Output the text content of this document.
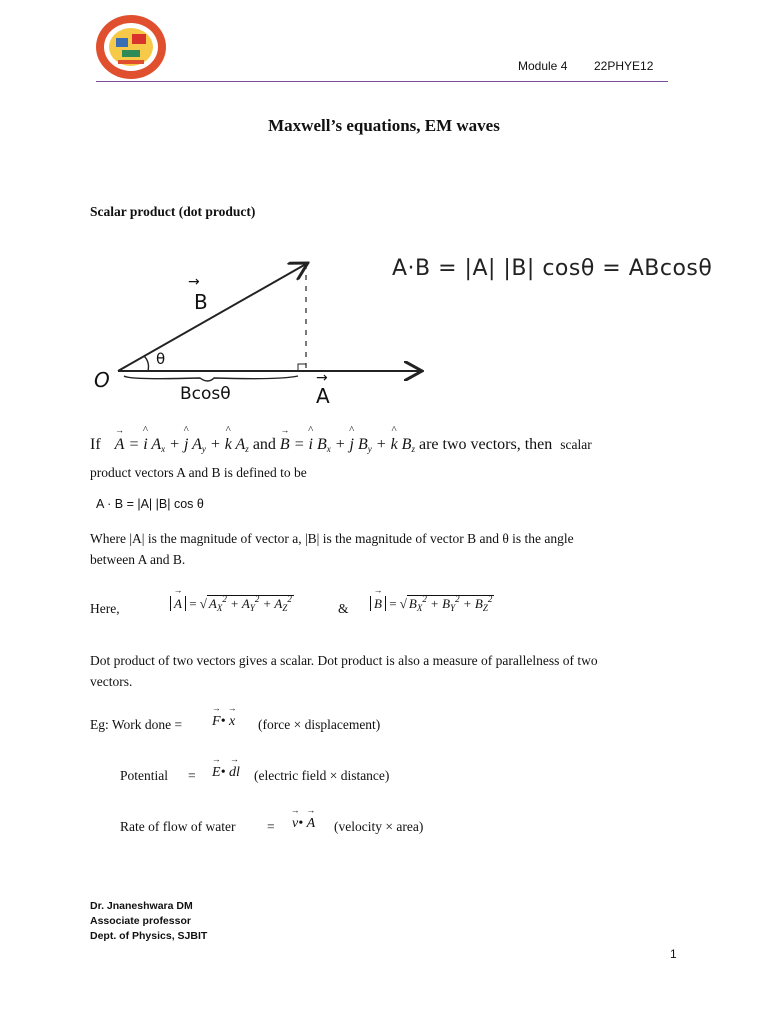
Module 4 22PHYE12
Maxwell’s equations, EM waves
Scalar product (dot product)
A·B = |A| |B| cosθ = ABcosθ
O
θ
B
→
A
→
Bcosθ
If → A = ^ i $A_x$ + ^ j $A_y$ + ^ k $A_z$ and → B = ^ i $B_x$ + ^ j $B_y$ + ^ k $B_z$ are two vectors, then scalar
product vectors A and B is defined to be
A · B = |A| |B| cos θ
Where |A| is the magnitude of vector a, |B| is the magnitude of vector B and θ is the angle
between A and B.
Here,	→ A = √ $A_X^2 + A_Y^2 + A_Z^2$
&	→ B = √ $B_X^2 + B_Y^2 + B_Z^2$
Dot product of two vectors gives a scalar. Dot product is also a measure of parallelness of two
vectors.
Eg: Work done = → F• → x (force × displacement)
Potential = → E• → dl (electric field × distance)
Rate of flow of water = → v• → A (velocity × area)
Dr. Jnaneshwara DM
Associate professor
Dept. of Physics, SJBIT
1
